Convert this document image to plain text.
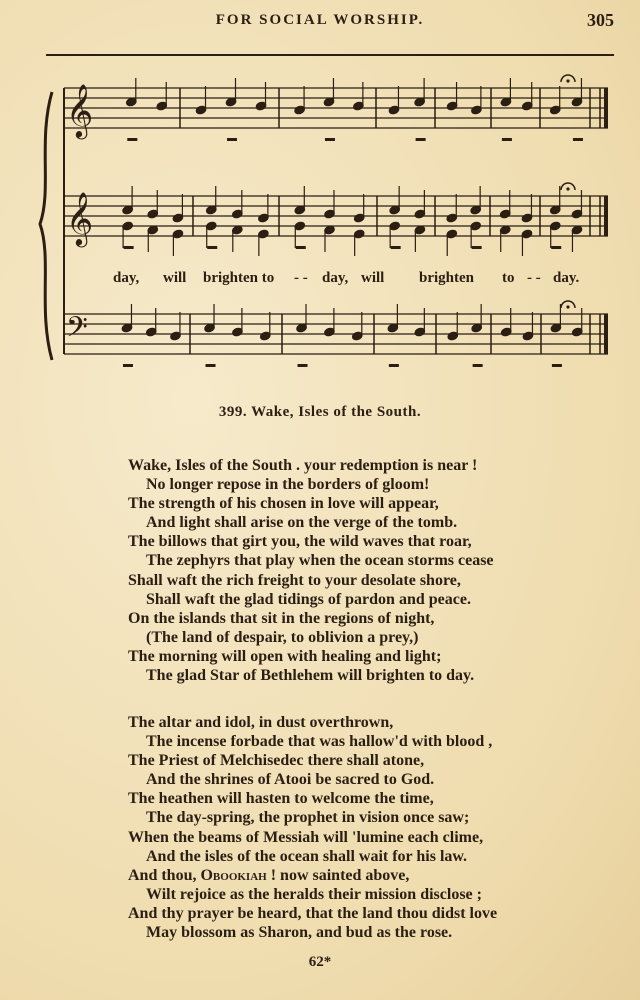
FOR SOCIAL WORSHIP.	305
𝄞
𝄞
𝄢
day, will brighten to - - day, will brighten to - - day.
399. Wake, Isles of the South.
Wake, Isles of the South . your redemption is near !
No longer repose in the borders of gloom!
The strength of his chosen in love will appear,
And light shall arise on the verge of the tomb.
The billows that girt you, the wild waves that roar,
The zephyrs that play when the ocean storms cease
Shall waft the rich freight to your desolate shore,
Shall waft the glad tidings of pardon and peace.
On the islands that sit in the regions of night,
(The land of despair, to oblivion a prey,)
The morning will open with healing and light;
The glad Star of Bethlehem will brighten to day.
The altar and idol, in dust overthrown,
The incense forbade that was hallow'd with blood ,
The Priest of Melchisedec there shall atone,
And the shrines of Atooi be sacred to God.
The heathen will hasten to welcome the time,
The day-spring, the prophet in vision once saw;
When the beams of Messiah will 'lumine each clime,
And the isles of the ocean shall wait for his law.
And thou, Obookiah ! now sainted above,
Wilt rejoice as the heralds their mission disclose ;
And thy prayer be heard, that the land thou didst love
May blossom as Sharon, and bud as the rose.
62*
